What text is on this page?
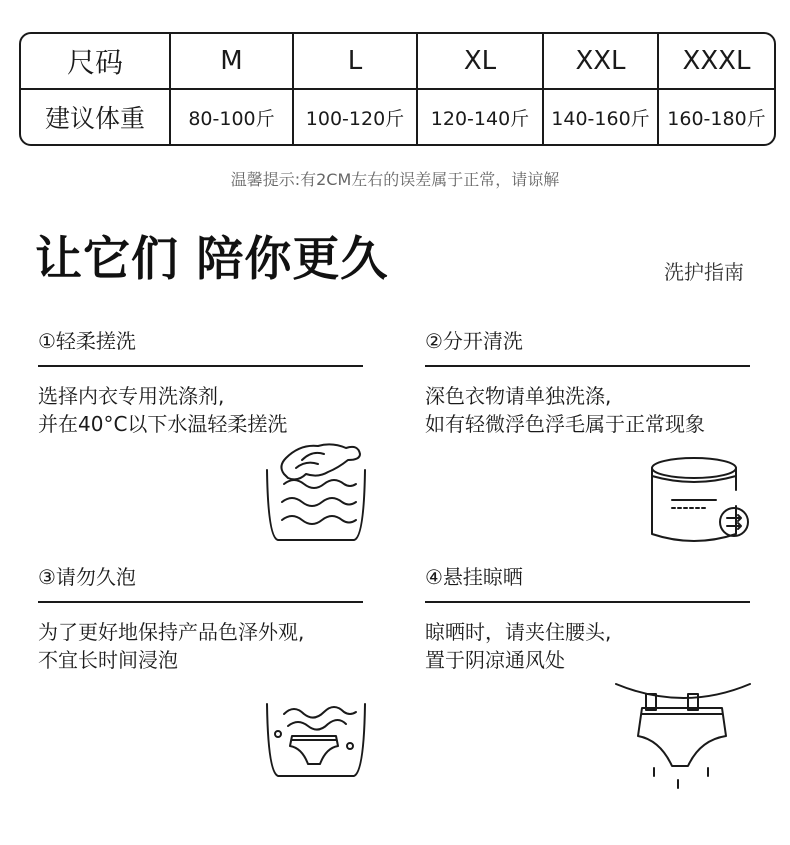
尺码	M	L	XL	XXL	XXXL
建议体重	80-100斤	100-120斤	120-140斤	140-160斤	160-180斤
温馨提示:有2CM左右的误差属于正常，请谅解
让它们 陪你更久	洗护指南
①轻柔搓洗
选择内衣专用洗涤剂,
并在40°C以下水温轻柔搓洗
②分开清洗
深色衣物请单独洗涤,
如有轻微浮色浮毛属于正常现象
③请勿久泡
为了更好地保持产品色泽外观,
不宜长时间浸泡
④悬挂晾晒
晾晒时，请夹住腰头,
置于阴凉通风处
